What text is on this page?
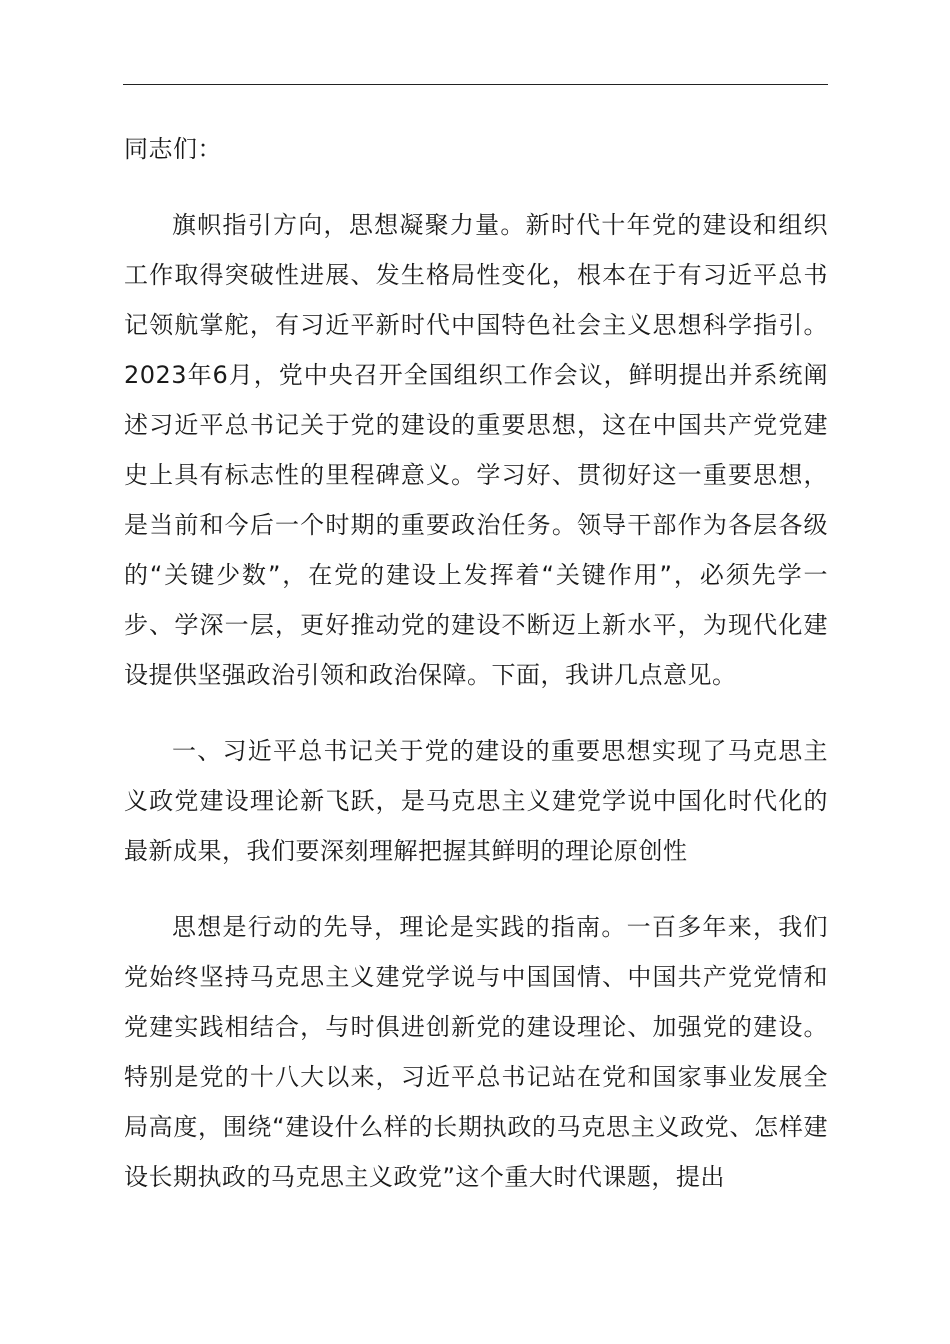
同志们：

旗帜指引方向，思想凝聚力量。新时代十年党的建设和组织工作取得突破性进展、发生格局性变化，根本在于有习近平总书记领航掌舵，有习近平新时代中国特色社会主义思想科学指引。2023年6月，党中央召开全国组织工作会议，鲜明提出并系统阐述习近平总书记关于党的建设的重要思想，这在中国共产党党建史上具有标志性的里程碑意义。学习好、贯彻好这一重要思想，是当前和今后一个时期的重要政治任务。领导干部作为各层各级的“关键少数”，在党的建设上发挥着“关键作用”，必须先学一步、学深一层，更好推动党的建设不断迈上新水平，为现代化建设提供坚强政治引领和政治保障。下面，我讲几点意见。

一、习近平总书记关于党的建设的重要思想实现了马克思主义政党建设理论新飞跃，是马克思主义建党学说中国化时代化的最新成果，我们要深刻理解把握其鲜明的理论原创性

思想是行动的先导，理论是实践的指南。一百多年来，我们党始终坚持马克思主义建党学说与中国国情、中国共产党党情和党建实践相结合，与时俱进创新党的建设理论、加强党的建设。特别是党的十八大以来，习近平总书记站在党和国家事业发展全局高度，围绕“建设什么样的长期执政的马克思主义政党、怎样建设长期执政的马克思主义政党”这个重大时代课题，提出
